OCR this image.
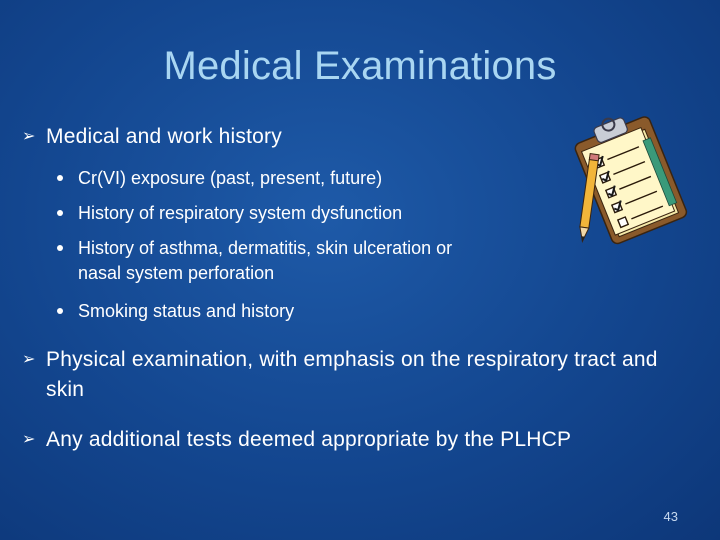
Medical Examinations
➢ Medical and work history
Cr(VI) exposure (past, present, future)
History of respiratory system dysfunction
History of asthma, dermatitis, skin ulceration or nasal system perforation
Smoking status and history
➢ Physical examination, with emphasis on the respiratory tract and skin
➢ Any additional tests deemed appropriate by the PLHCP
43
